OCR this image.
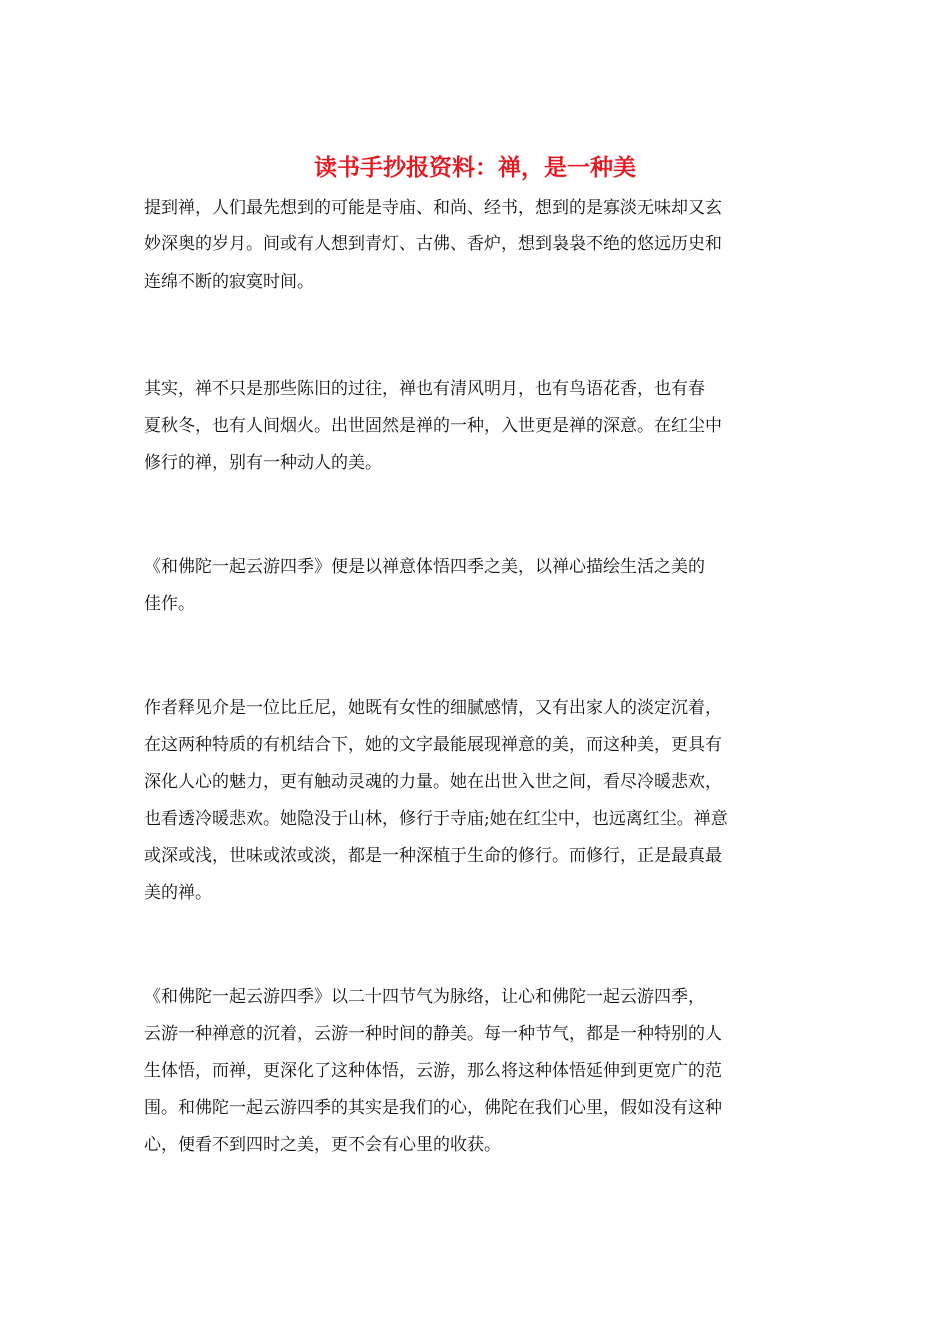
读书手抄报资料：禅，是一种美
提到禅，人们最先想到的可能是寺庙、和尚、经书，想到的是寡淡无味却又玄
妙深奥的岁月。间或有人想到青灯、古佛、香炉，想到袅袅不绝的悠远历史和
连绵不断的寂寞时间。
其实，禅不只是那些陈旧的过往，禅也有清风明月，也有鸟语花香，也有春
夏秋冬，也有人间烟火。出世固然是禅的一种，入世更是禅的深意。在红尘中
修行的禅，别有一种动人的美。
《和佛陀一起云游四季》便是以禅意体悟四季之美，以禅心描绘生活之美的
佳作。
作者释见介是一位比丘尼，她既有女性的细腻感情，又有出家人的淡定沉着，
在这两种特质的有机结合下，她的文字最能展现禅意的美，而这种美，更具有
深化人心的魅力，更有触动灵魂的力量。她在出世入世之间，看尽冷暖悲欢，
也看透冷暖悲欢。她隐没于山林，修行于寺庙;她在红尘中，也远离红尘。禅意
或深或浅，世味或浓或淡，都是一种深植于生命的修行。而修行，正是最真最
美的禅。
《和佛陀一起云游四季》以二十四节气为脉络，让心和佛陀一起云游四季，
云游一种禅意的沉着，云游一种时间的静美。每一种节气，都是一种特别的人
生体悟，而禅，更深化了这种体悟，云游，那么将这种体悟延伸到更宽广的范
围。和佛陀一起云游四季的其实是我们的心，佛陀在我们心里，假如没有这种
心，便看不到四时之美，更不会有心里的收获。
